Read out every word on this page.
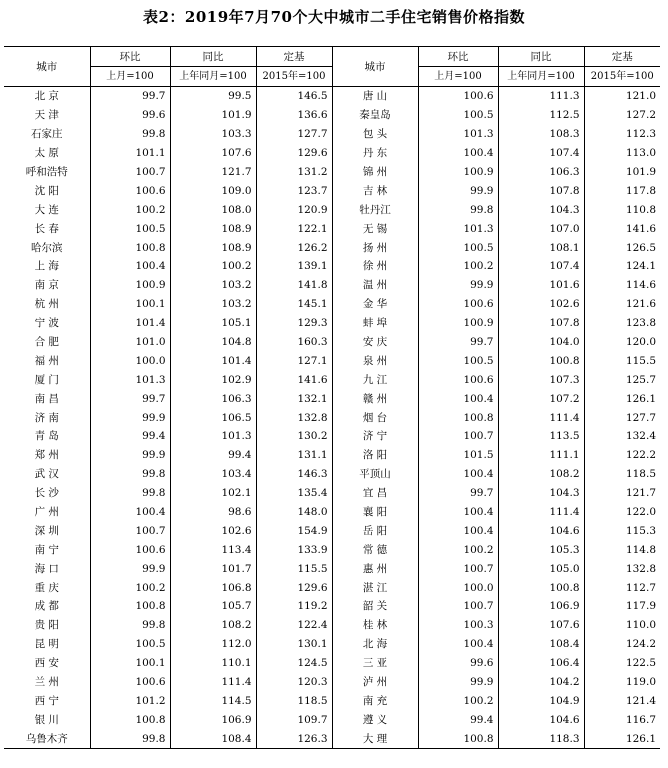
表2：2019年7月70个大中城市二手住宅销售价格指数
城市	环比	同比	定基	城市	环比	同比	定基
	上月=100	上年同月=100	2015年=100		上月=100	上年同月=100	2015年=100
北 京	99.7	99.5	146.5	唐 山	100.6	111.3	121.0
天 津	99.6	101.9	136.6	秦皇岛	100.5	112.5	127.2
石家庄	99.8	103.3	127.7	包 头	101.3	108.3	112.3
太 原	101.1	107.6	129.6	丹 东	100.4	107.4	113.0
呼和浩特	100.7	121.7	131.2	锦 州	100.9	106.3	101.9
沈 阳	100.6	109.0	123.7	吉 林	99.9	107.8	117.8
大 连	100.2	108.0	120.9	牡丹江	99.8	104.3	110.8
长 春	100.5	108.9	122.1	无 锡	101.3	107.0	141.6
哈尔滨	100.8	108.9	126.2	扬 州	100.5	108.1	126.5
上 海	100.4	100.2	139.1	徐 州	100.2	107.4	124.1
南 京	100.9	103.2	141.8	温 州	99.9	101.6	114.6
杭 州	100.1	103.2	145.1	金 华	100.6	102.6	121.6
宁 波	101.4	105.1	129.3	蚌 埠	100.9	107.8	123.8
合 肥	101.0	104.8	160.3	安 庆	99.7	104.0	120.0
福 州	100.0	101.4	127.1	泉 州	100.5	100.8	115.5
厦 门	101.3	102.9	141.6	九 江	100.6	107.3	125.7
南 昌	99.7	106.3	132.1	赣 州	100.4	107.2	126.1
济 南	99.9	106.5	132.8	烟 台	100.8	111.4	127.7
青 岛	99.4	101.3	130.2	济 宁	100.7	113.5	132.4
郑 州	99.9	99.4	131.1	洛 阳	101.5	111.1	122.2
武 汉	99.8	103.4	146.3	平顶山	100.4	108.2	118.5
长 沙	99.8	102.1	135.4	宜 昌	99.7	104.3	121.7
广 州	100.4	98.6	148.0	襄 阳	100.4	111.4	122.0
深 圳	100.7	102.6	154.9	岳 阳	100.4	104.6	115.3
南 宁	100.6	113.4	133.9	常 德	100.2	105.3	114.8
海 口	99.9	101.7	115.5	惠 州	100.7	105.0	132.8
重 庆	100.2	106.8	129.6	湛 江	100.0	100.8	112.7
成 都	100.8	105.7	119.2	韶 关	100.7	106.9	117.9
贵 阳	99.8	108.2	122.4	桂 林	100.3	107.6	110.0
昆 明	100.5	112.0	130.1	北 海	100.4	108.4	124.2
西 安	100.1	110.1	124.5	三 亚	99.6	106.4	122.5
兰 州	100.6	111.4	120.3	泸 州	99.9	104.2	119.0
西 宁	101.2	114.5	118.5	南 充	100.2	104.9	121.4
银 川	100.8	106.9	109.7	遵 义	99.4	104.6	116.7
乌鲁木齐	99.8	108.4	126.3	大 理	100.8	118.3	126.1
